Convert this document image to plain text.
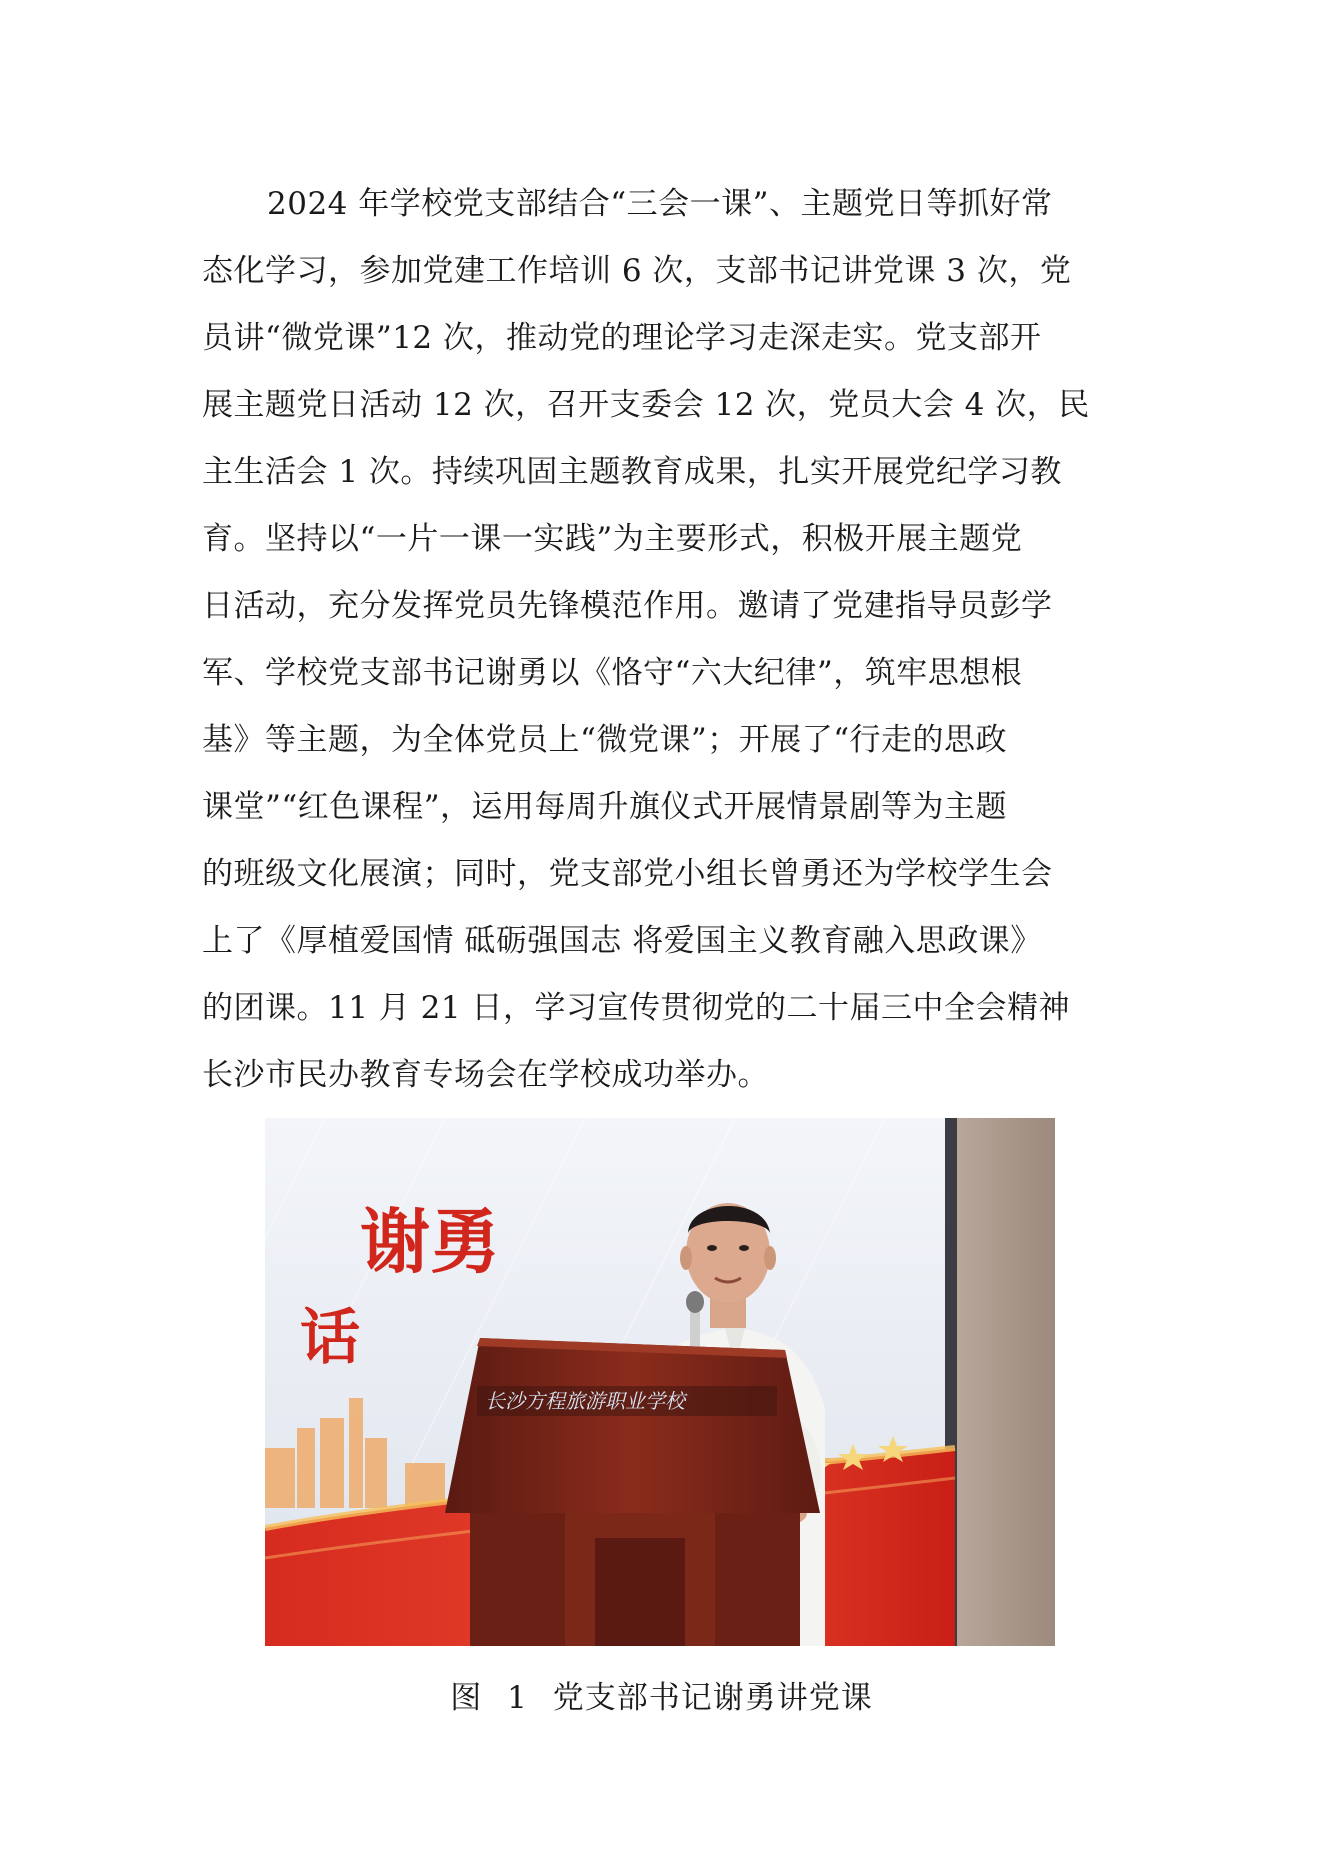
2024 年学校党支部结合“三会一课”、主题党日等抓好常
态化学习，参加党建工作培训 6 次，支部书记讲党课 3 次，党
员讲“微党课”12 次，推动党的理论学习走深走实。党支部开
展主题党日活动 12 次，召开支委会 12 次，党员大会 4 次，民
主生活会 1 次。持续巩固主题教育成果，扎实开展党纪学习教
育。坚持以“一片一课一实践”为主要形式，积极开展主题党
日活动，充分发挥党员先锋模范作用。邀请了党建指导员彭学
军、学校党支部书记谢勇以《恪守“六大纪律”，筑牢思想根
基》等主题，为全体党员上“微党课”；开展了“行走的思政
课堂”“红色课程”，运用每周升旗仪式开展情景剧等为主题
的班级文化展演；同时，党支部党小组长曾勇还为学校学生会
上了《厚植爱国情 砥砺强国志 将爱国主义教育融入思政课》
的团课。11 月 21 日，学习宣传贯彻党的二十届三中全会精神
长沙市民办教育专场会在学校成功举办。
谢勇
话
长沙方程旅游职业学校
图 1 党支部书记谢勇讲党课
